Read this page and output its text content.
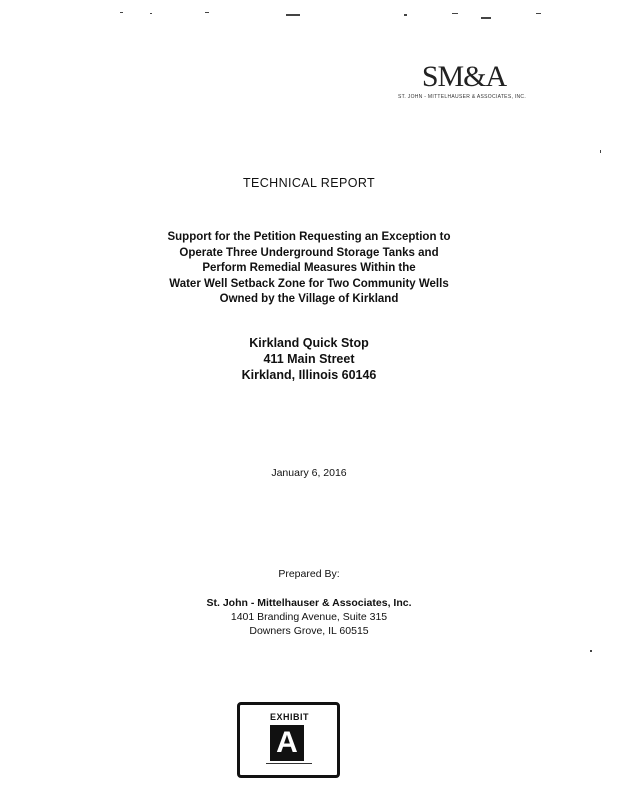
SM&A
ST. JOHN - MITTELHAUSER & ASSOCIATES, INC.
TECHNICAL REPORT
Support for the Petition Requesting an Exception to
Operate Three Underground Storage Tanks and
Perform Remedial Measures Within the
Water Well Setback Zone for Two Community Wells
Owned by the Village of Kirkland
Kirkland Quick Stop
411 Main Street
Kirkland, Illinois 60146
January 6, 2016
Prepared By:
St. John - Mittelhauser & Associates, Inc.
1401 Branding Avenue, Suite 315
Downers Grove, IL 60515
EXHIBIT
A
